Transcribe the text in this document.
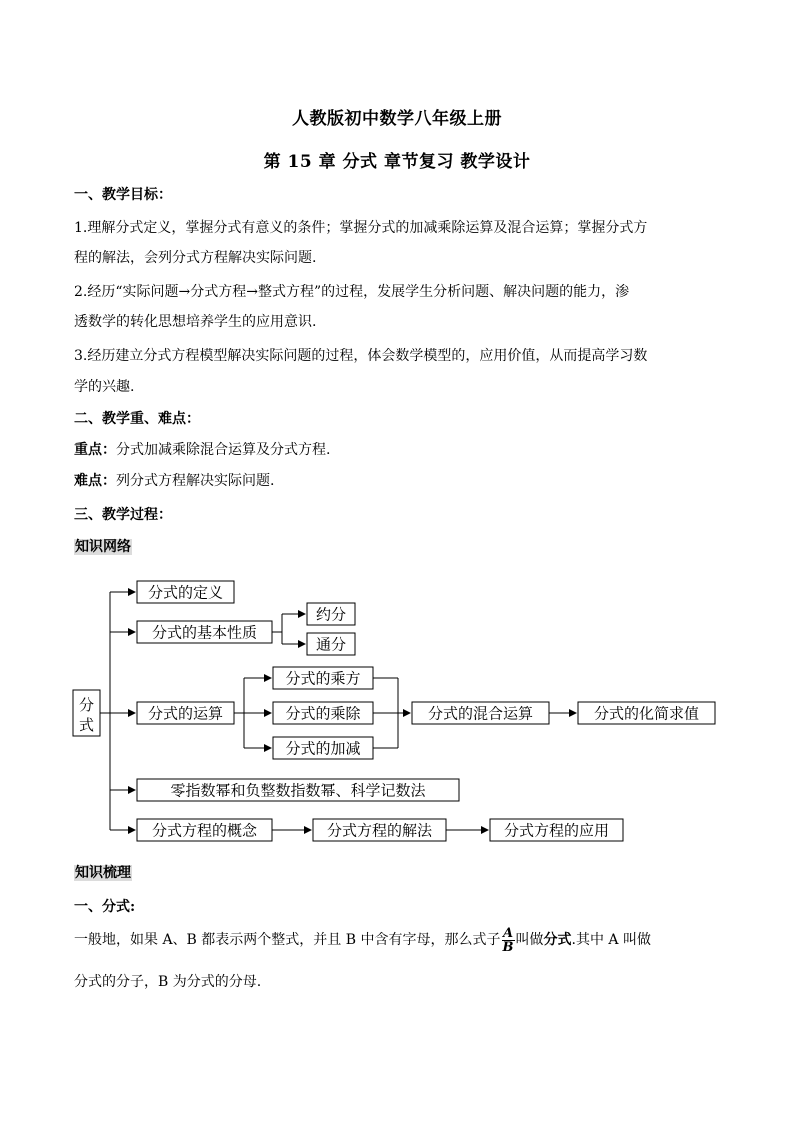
人教版初中数学八年级上册
第 15 章 分式 章节复习 教学设计
一、教学目标：
1.理解分式定义，掌握分式有意义的条件；掌握分式的加减乘除运算及混合运算；掌握分式方
程的解法，会列分式方程解决实际问题.
2.经历“实际问题→分式方程→整式方程”的过程，发展学生分析问题、解决问题的能力，渗
透数学的转化思想培养学生的应用意识.
3.经历建立分式方程模型解决实际问题的过程，体会数学模型的，应用价值，从而提高学习数
学的兴趣.
二、教学重、难点：
重点：分式加减乘除混合运算及分式方程.
难点：列分式方程解决实际问题.
三、教学过程：
知识网络
分
式
分式的定义
分式的基本性质
约分
通分
分式的运算
分式的乘方
分式的乘除
分式的加减
分式的混合运算	分式的化简求值
零指数幂和负整数指数幂、科学记数法
分式方程的概念	分式方程的解法	分式方程的应用
知识梳理
一、分式:
一般地，如果 A、B 都表示两个整式，并且 B 中含有字母，那么式子 $\frac{A}{B}$ 叫做分式.其中 A 叫做
分式的分子，B 为分式的分母.
